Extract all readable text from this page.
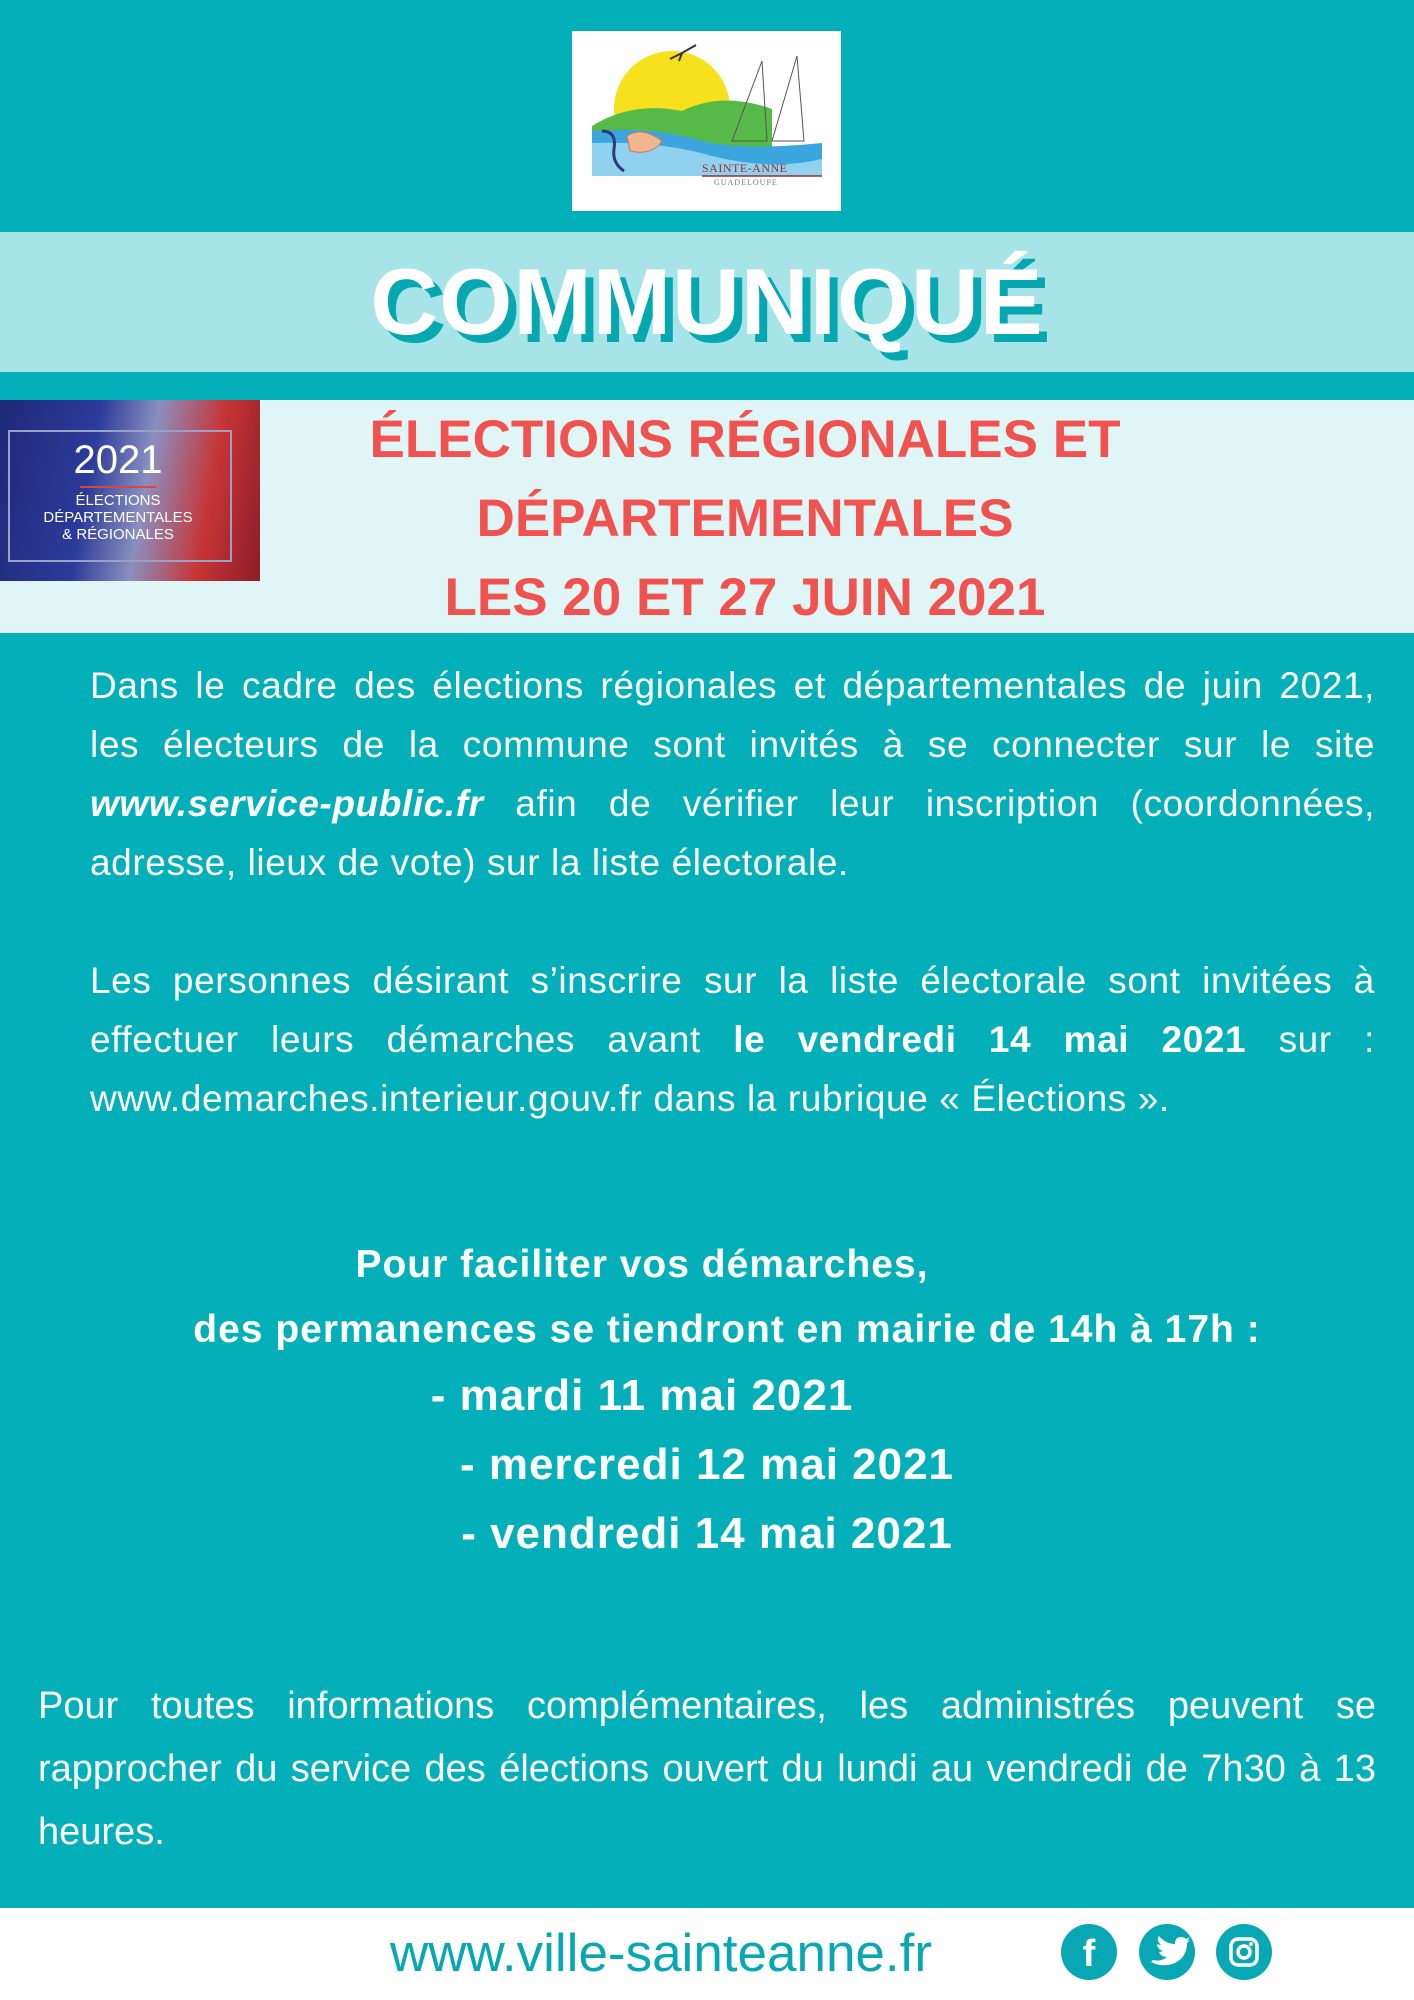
SAINTE-ANNE
GUADELOUPE
COMMUNIQUÉ
2021
ÉLECTIONS
DÉPARTEMENTALES
& RÉGIONALES
ÉLECTIONS RÉGIONALES ET
DÉPARTEMENTALES
LES 20 ET 27 JUIN 2021
Dans le cadre des élections régionales et départementales de juin 2021, les électeurs de la commune sont invités à se connecter sur le site www.service-public.fr afin de vérifier leur inscription (coordonnées, adresse, lieux de vote) sur la liste électorale.
Les personnes désirant s’inscrire sur la liste électorale sont invitées à effectuer leurs démarches avant le vendredi 14 mai 2021 sur : www.demarches.interieur.gouv.fr dans la rubrique « Élections ».
Pour faciliter vos démarches,
des permanences se tiendront en mairie de 14h à 17h :
- mardi 11 mai 2021
- mercredi 12 mai 2021
- vendredi 14 mai 2021
Pour toutes informations complémentaires, les administrés peuvent se rapprocher du service des élections ouvert du lundi au vendredi de 7h30 à 13 heures.
www.ville-sainteanne.fr	f
